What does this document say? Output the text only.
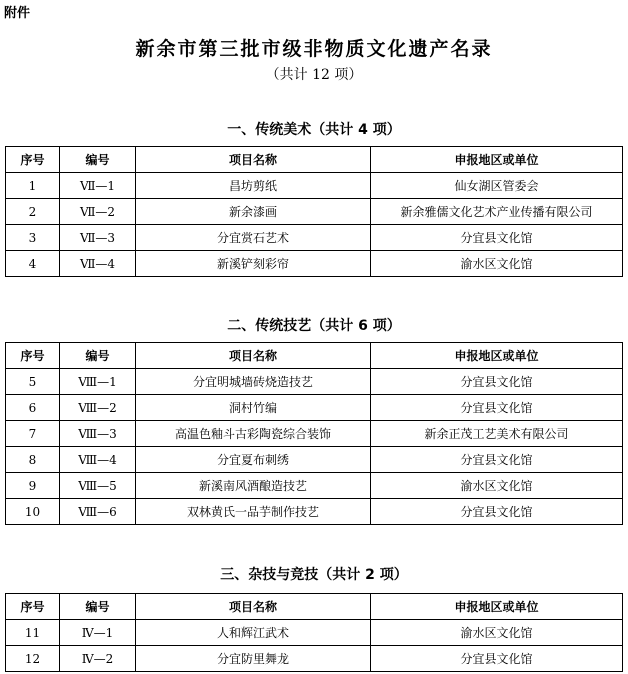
附件
新余市第三批市级非物质文化遗产名录
（共计 12 项）
一、传统美术（共计 4 项）
序号	编号	项目名称	申报地区或单位
1	Ⅶ—1	昌坊剪纸	仙女湖区管委会
2	Ⅶ—2	新余漆画	新余雅儒文化艺术产业传播有限公司
3	Ⅶ—3	分宜赏石艺术	分宜县文化馆
4	Ⅶ—4	新溪铲刻彩帘	渝水区文化馆
二、传统技艺（共计 6 项）
序号	编号	项目名称	申报地区或单位
5	Ⅷ—1	分宜明城墙砖烧造技艺	分宜县文化馆
6	Ⅷ—2	洞村竹编	分宜县文化馆
7	Ⅷ—3	高温色釉斗古彩陶瓷综合装饰	新余正茂工艺美术有限公司
8	Ⅷ—4	分宜夏布刺绣	分宜县文化馆
9	Ⅷ—5	新溪南风酒酿造技艺	渝水区文化馆
10	Ⅷ—6	双林黄氏一品芋制作技艺	分宜县文化馆
三、杂技与竞技（共计 2 项）
序号	编号	项目名称	申报地区或单位
11	Ⅳ—1	人和辉江武术	渝水区文化馆
12	Ⅳ—2	分宜防里舞龙	分宜县文化馆
